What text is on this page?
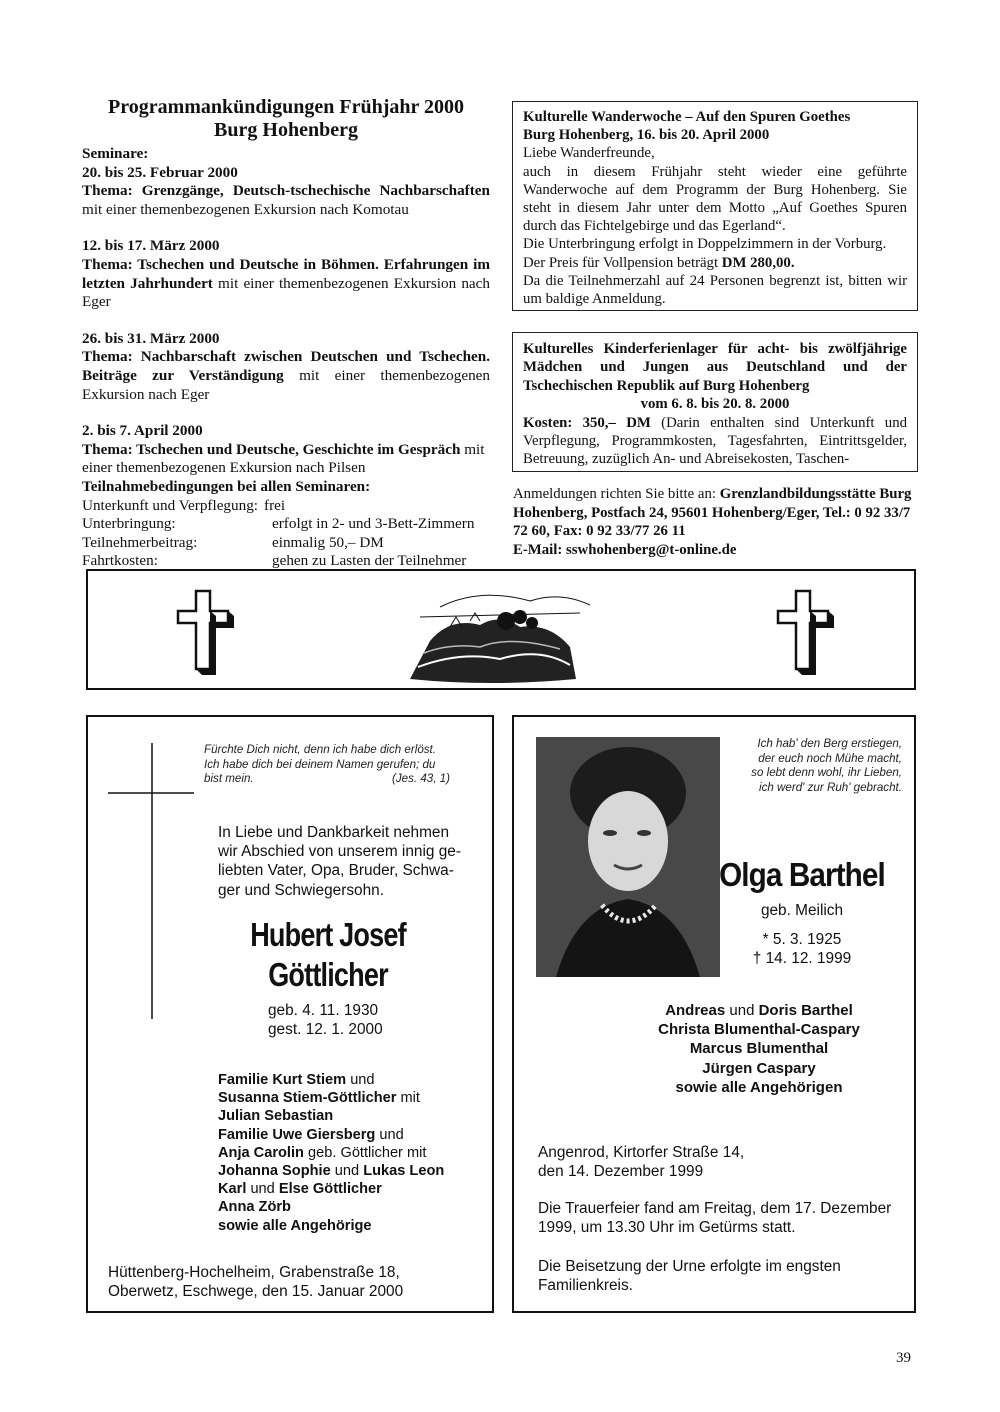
Programmankündigungen Frühjahr 2000
Burg Hohenberg
Seminare:
20. bis 25. Februar 2000
Thema: Grenzgänge, Deutsch-tschechische Nachbarschaften mit einer themenbezogenen Exkursion nach Komotau
12. bis 17. März 2000
Thema: Tschechen und Deutsche in Böhmen. Erfahrungen im letzten Jahrhundert mit einer themenbezogenen Exkursion nach Eger
26. bis 31. März 2000
Thema: Nachbarschaft zwischen Deutschen und Tschechen. Beiträge zur Verständigung mit einer themenbezogenen Exkursion nach Eger
2. bis 7. April 2000
Thema: Tschechen und Deutsche, Geschichte im Gespräch mit einer themenbezogenen Exkursion nach Pilsen
Teilnahmebedingungen bei allen Seminaren:
Unterkunft und Verpflegung: frei
Unterbringung:	erfolgt in 2- und 3-Bett-Zimmern
Teilnehmerbeitrag:	einmalig 50,– DM
Fahrtkosten:	gehen zu Lasten der Teilnehmer
Kulturelle Wanderwoche – Auf den Spuren Goethes
Burg Hohenberg, 16. bis 20. April 2000
Liebe Wanderfreunde,
auch in diesem Frühjahr steht wieder eine geführte Wanderwoche auf dem Programm der Burg Hohenberg. Sie steht in diesem Jahr unter dem Motto „Auf Goethes Spuren durch das Fichtelgebirge und das Egerland“.
Die Unterbringung erfolgt in Doppelzimmern in der Vorburg.
Der Preis für Vollpension beträgt DM 280,00.
Da die Teilnehmerzahl auf 24 Personen begrenzt ist, bitten wir um baldige Anmeldung.
Kulturelles Kinderferienlager für acht- bis zwölfjährige Mädchen und Jungen aus Deutschland und der Tschechischen Republik auf Burg Hohenberg
vom 6. 8. bis 20. 8. 2000
Kosten: 350,– DM (Darin enthalten sind Unterkunft und Verpflegung, Programmkosten, Tagesfahrten, Eintrittsgelder, Betreuung, zuzüglich An- und Abreisekosten, Taschen-
Anmeldungen richten Sie bitte an: Grenzlandbildungsstätte Burg Hohenberg, Postfach 24, 95601 Hohenberg/Eger, Tel.: 0 92 33/7 72 60, Fax: 0 92 33/77 26 11
E-Mail: sswhohenberg@t-online.de
Fürchte Dich nicht, denn ich habe dich erlöst.
Ich habe dich bei deinem Namen gerufen; du
bist mein.	(Jes. 43, 1)
In Liebe und Dankbarkeit nehmen
wir Abschied von unserem innig ge-
liebten Vater, Opa, Bruder, Schwa-
ger und Schwiegersohn.
Hubert Josef
Göttlicher
geb. 4. 11. 1930
gest. 12. 1. 2000
Familie Kurt Stiem und
Susanna Stiem-Göttlicher mit
Julian Sebastian
Familie Uwe Giersberg und
Anja Carolin geb. Göttlicher mit
Johanna Sophie und Lukas Leon
Karl und Else Göttlicher
Anna Zörb
sowie alle Angehörige
Hüttenberg-Hochelheim, Grabenstraße 18,
Oberwetz, Eschwege, den 15. Januar 2000
Ich hab' den Berg erstiegen,
der euch noch Mühe macht,
so lebt denn wohl, ihr Lieben,
ich werd' zur Ruh' gebracht.
Olga Barthel
geb. Meilich
* 5. 3. 1925
† 14. 12. 1999
Andreas und Doris Barthel
Christa Blumenthal-Caspary
Marcus Blumenthal
Jürgen Caspary
sowie alle Angehörigen
Angenrod, Kirtorfer Straße 14,
den 14. Dezember 1999
Die Trauerfeier fand am Freitag, dem 17. Dezember 1999, um 13.30 Uhr im Getürms statt.
Die Beisetzung der Urne erfolgte im engsten Familienkreis.
39
